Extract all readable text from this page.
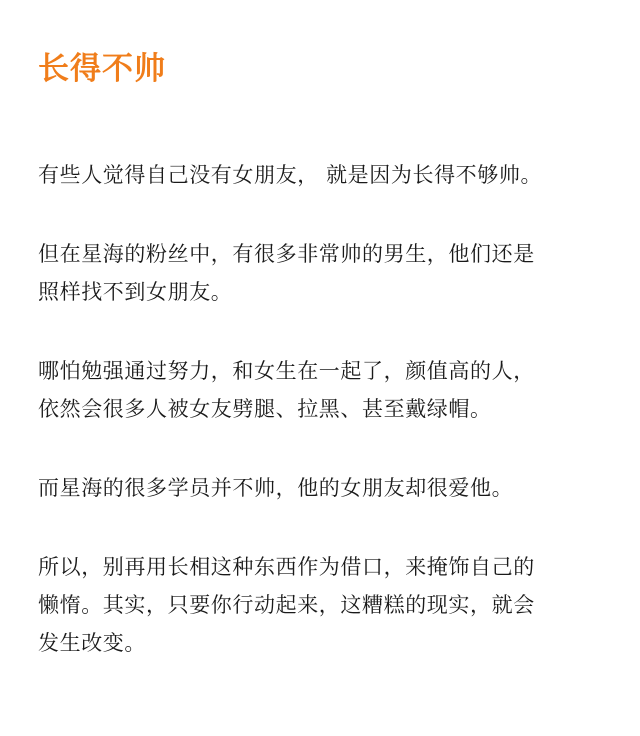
长得不帅

有些人觉得自己没有女朋友， 就是因为长得不够帅。

但在星海的粉丝中，有很多非常帅的男生，他们还是
照样找不到女朋友。

哪怕勉强通过努力，和女生在一起了，颜值高的人，
依然会很多人被女友劈腿、拉黑、甚至戴绿帽。

而星海的很多学员并不帅，他的女朋友却很爱他。

所以，别再用长相这种东西作为借口，来掩饰自己的
懒惰。其实，只要你行动起来，这糟糕的现实，就会
发生改变。
